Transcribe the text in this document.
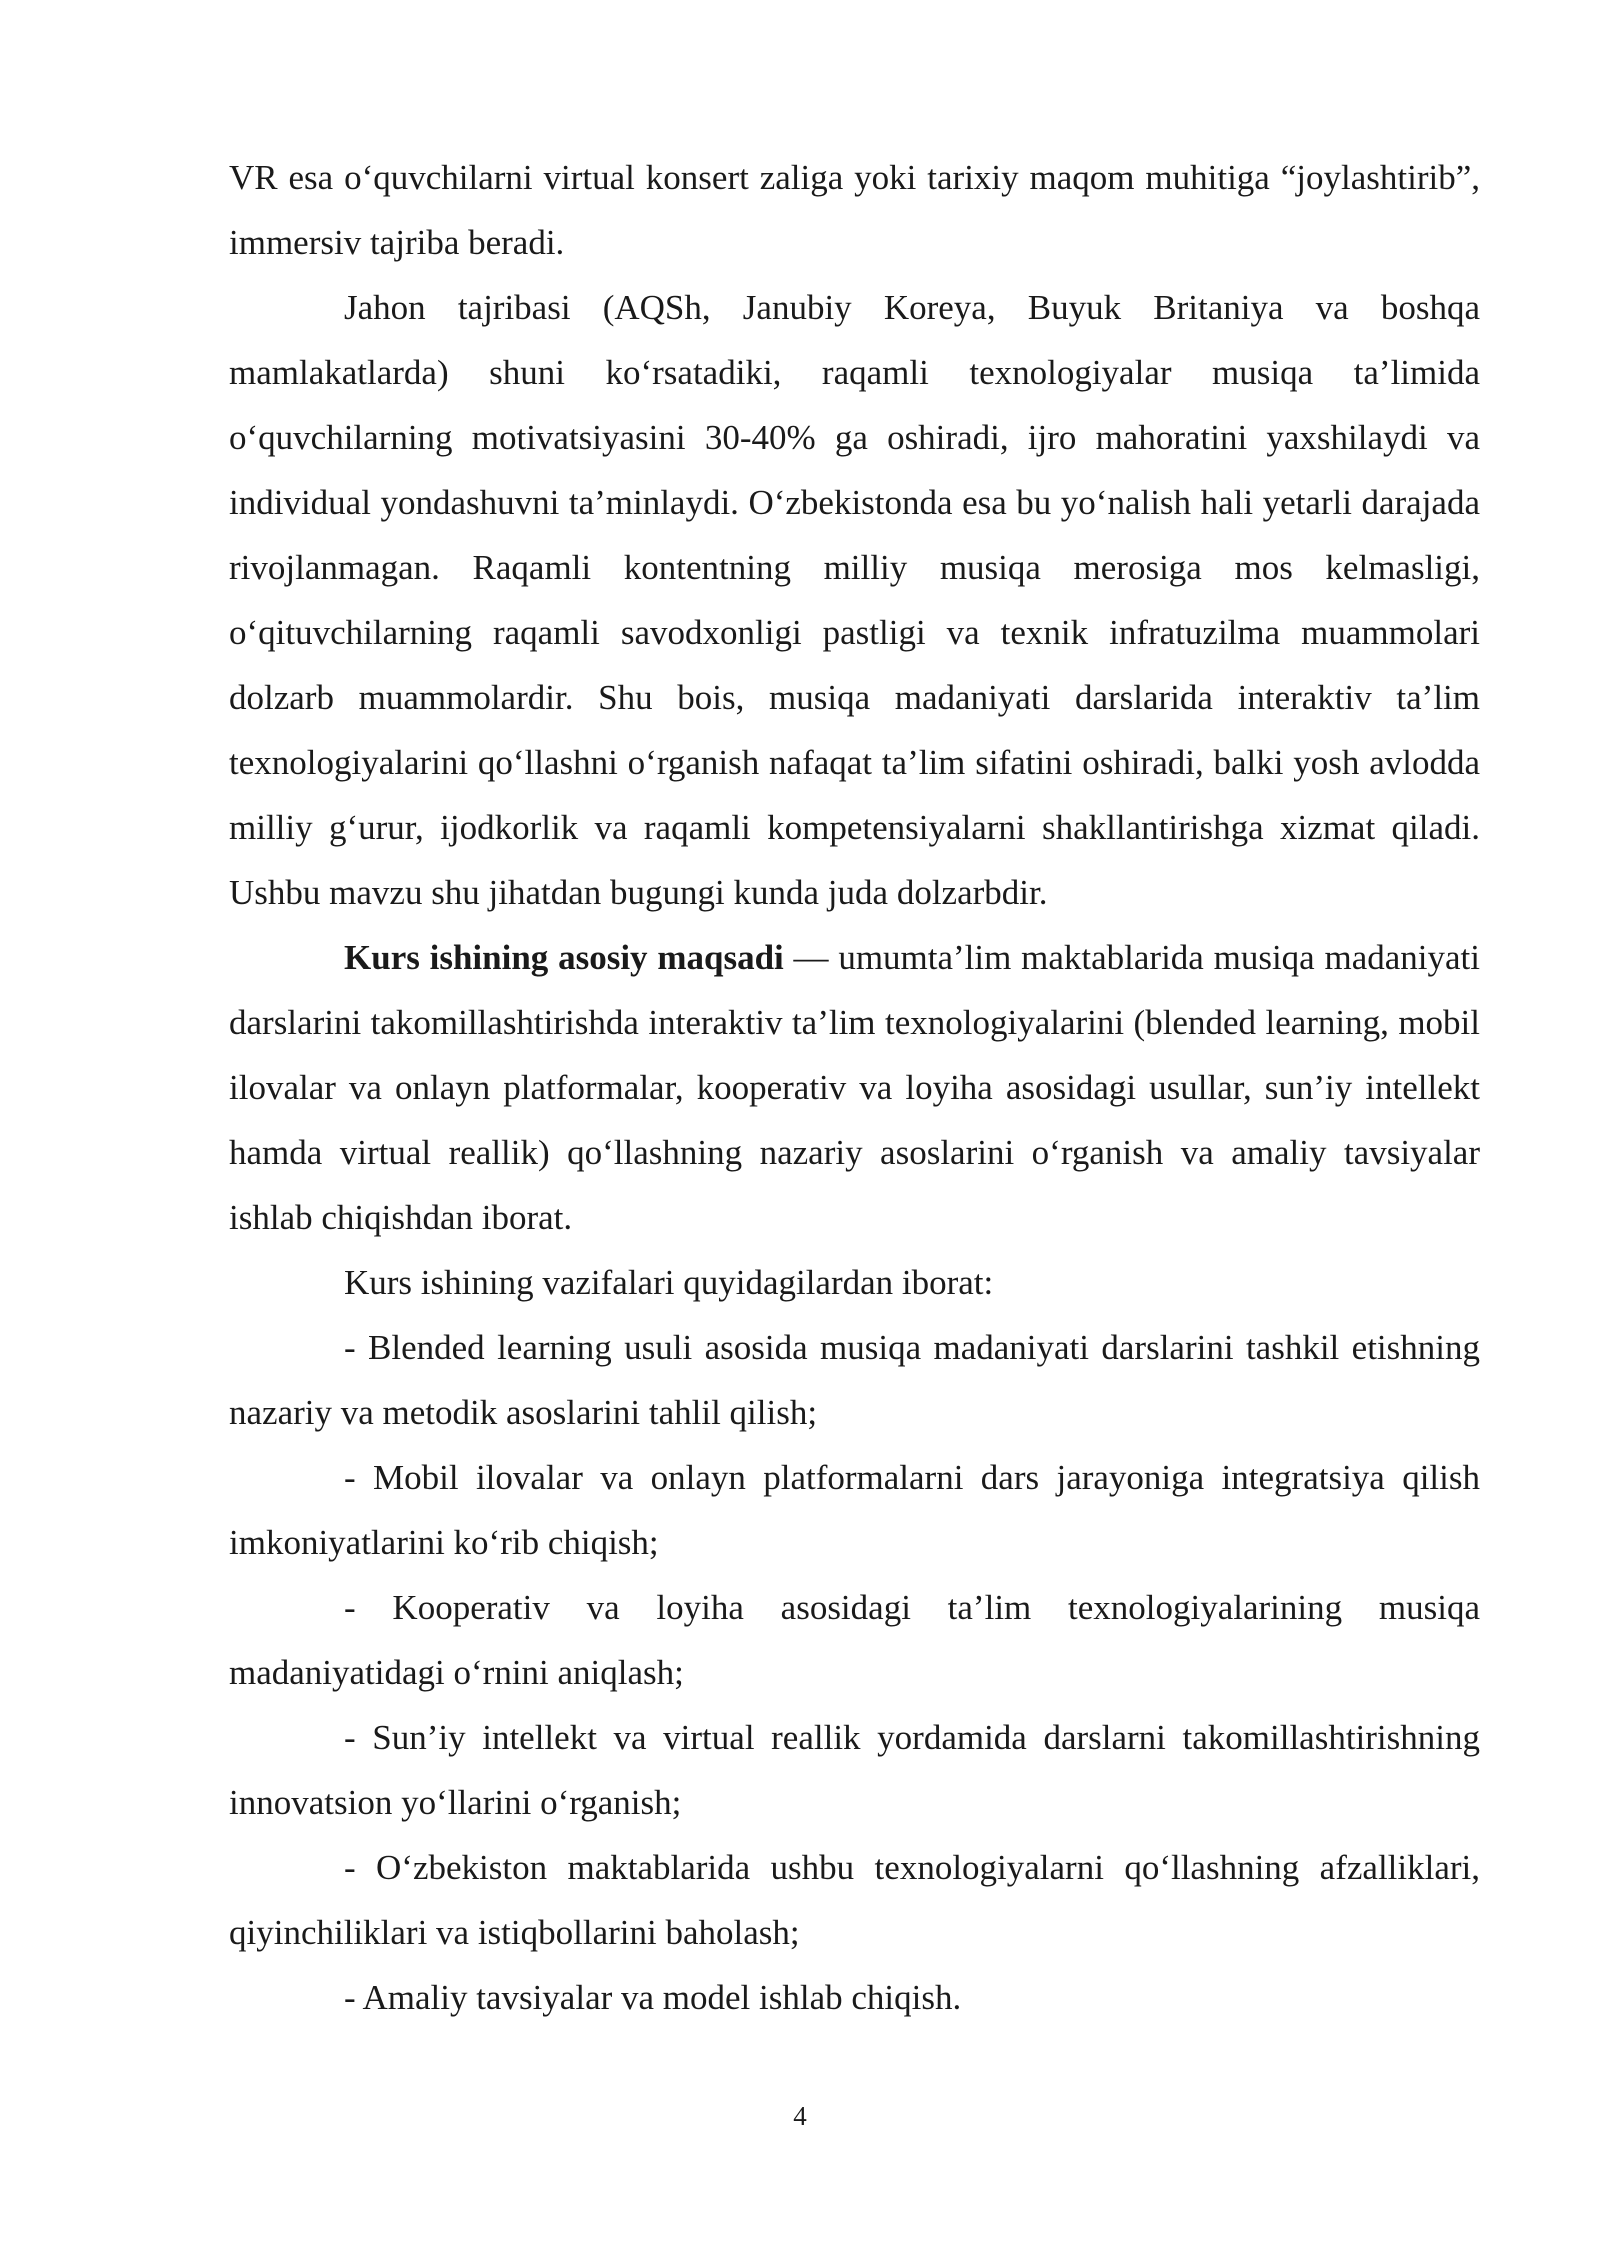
VR esa o‘quvchilarni virtual konsert zaliga yoki tarixiy maqom muhitiga “joylashtirib”, immersiv tajriba beradi.

Jahon tajribasi (AQSh, Janubiy Koreya, Buyuk Britaniya va boshqa mamlakatlarda) shuni ko‘rsatadiki, raqamli texnologiyalar musiqa ta’limida o‘quvchilarning motivatsiyasini 30-40% ga oshiradi, ijro mahoratini yaxshilaydi va individual yondashuvni ta’minlaydi. O‘zbekistonda esa bu yo‘nalish hali yetarli darajada rivojlanmagan. Raqamli kontentning milliy musiqa merosiga mos kelmasligi, o‘qituvchilarning raqamli savodxonligi pastligi va texnik infratuzilma muammolari dolzarb muammolardir. Shu bois, musiqa madaniyati darslarida interaktiv ta’lim texnologiyalarini qo‘llashni o‘rganish nafaqat ta’lim sifatini oshiradi, balki yosh avlodda milliy g‘urur, ijodkorlik va raqamli kompetensiyalarni shakllantirishga xizmat qiladi. Ushbu mavzu shu jihatdan bugungi kunda juda dolzarbdir.

Kurs ishining asosiy maqsadi — umumta’lim maktablarida musiqa madaniyati darslarini takomillashtirishda interaktiv ta’lim texnologiyalarini (blended learning, mobil ilovalar va onlayn platformalar, kooperativ va loyiha asosidagi usullar, sun’iy intellekt hamda virtual reallik) qo‘llashning nazariy asoslarini o‘rganish va amaliy tavsiyalar ishlab chiqishdan iborat.

Kurs ishining vazifalari quyidagilardan iborat:

- Blended learning usuli asosida musiqa madaniyati darslarini tashkil etishning nazariy va metodik asoslarini tahlil qilish;

- Mobil ilovalar va onlayn platformalarni dars jarayoniga integratsiya qilish imkoniyatlarini ko‘rib chiqish;

- Kooperativ va loyiha asosidagi ta’lim texnologiyalarining musiqa madaniyatidagi o‘rnini aniqlash;

- Sun’iy intellekt va virtual reallik yordamida darslarni takomillashtirishning innovatsion yo‘llarini o‘rganish;

- O‘zbekiston maktablarida ushbu texnologiyalarni qo‘llashning afzalliklari, qiyinchiliklari va istiqbollarini baholash;

- Amaliy tavsiyalar va model ishlab chiqish.

4
